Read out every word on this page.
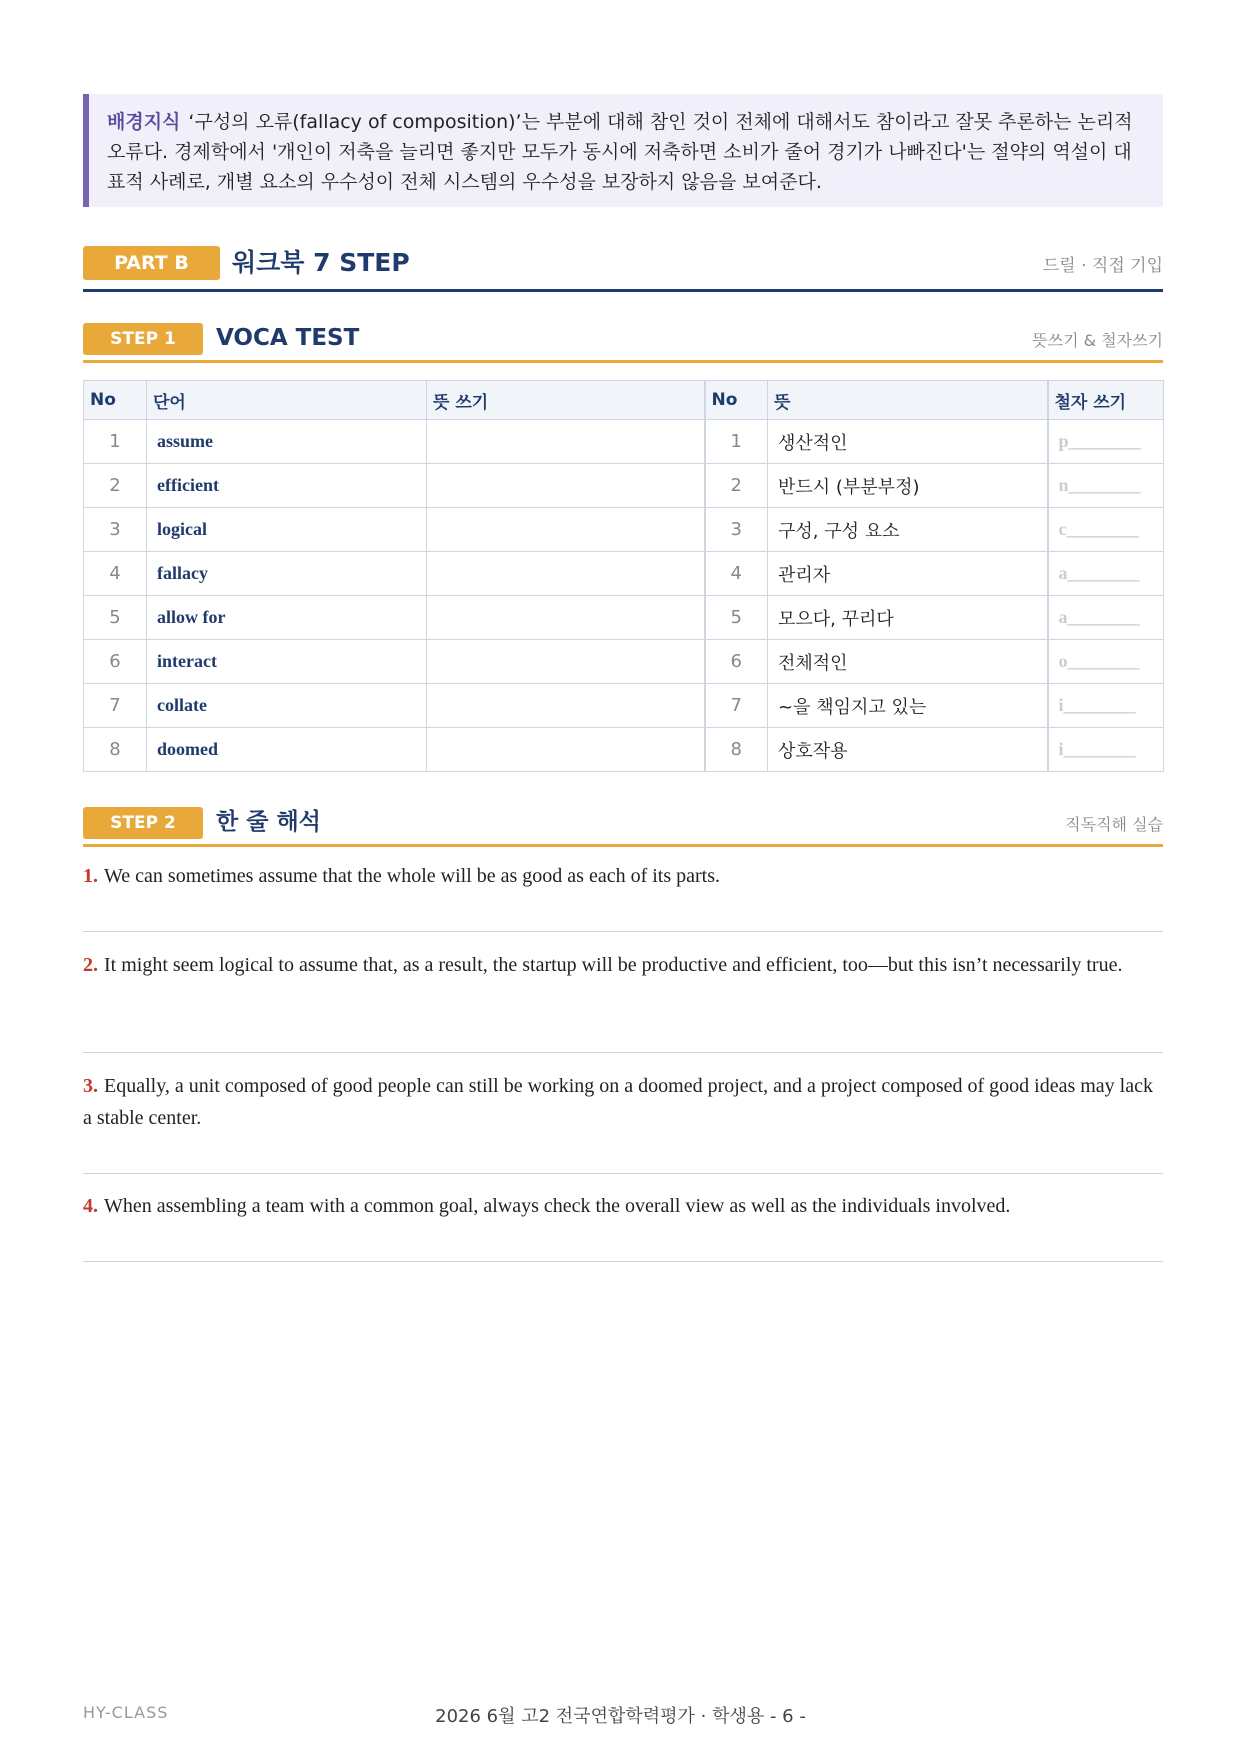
배경지식 ‘구성의 오류(fallacy of composition)’는 부분에 대해 참인 것이 전체에 대해서도 참이라고 잘못 추론하는 논리적 오류다. 경제학에서 '개인이 저축을 늘리면 좋지만 모두가 동시에 저축하면 소비가 줄어 경기가 나빠진다'는 절약의 역설이 대표적 사례로, 개별 요소의 우수성이 전체 시스템의 우수성을 보장하지 않음을 보여준다.
PART B	워크북 7 STEP	드릴 · 직접 기입
STEP 1	VOCA TEST	뜻쓰기 & 철자쓰기
No	단어	뜻 쓰기	No	뜻	철자 쓰기
1	assume		1	생산적인	p________
2	efficient		2	반드시 (부분부정)	n________
3	logical		3	구성, 구성 요소	c________
4	fallacy		4	관리자	a________
5	allow for		5	모으다, 꾸리다	a________
6	interact		6	전체적인	o________
7	collate		7	~을 책임지고 있는	i________
8	doomed		8	상호작용	i________
STEP 2	한 줄 해석	직독직해 실습
1. We can sometimes assume that the whole will be as good as each of its parts.
2. It might seem logical to assume that, as a result, the startup will be productive and efficient, too—but this isn’t necessarily true.
3. Equally, a unit composed of good people can still be working on a doomed project, and a project composed of good ideas may lack a stable center.
4. When assembling a team with a common goal, always check the overall view as well as the individuals involved.
HY-CLASS	2026 6월 고2 전국연합학력평가 · 학생용 - 6 -
